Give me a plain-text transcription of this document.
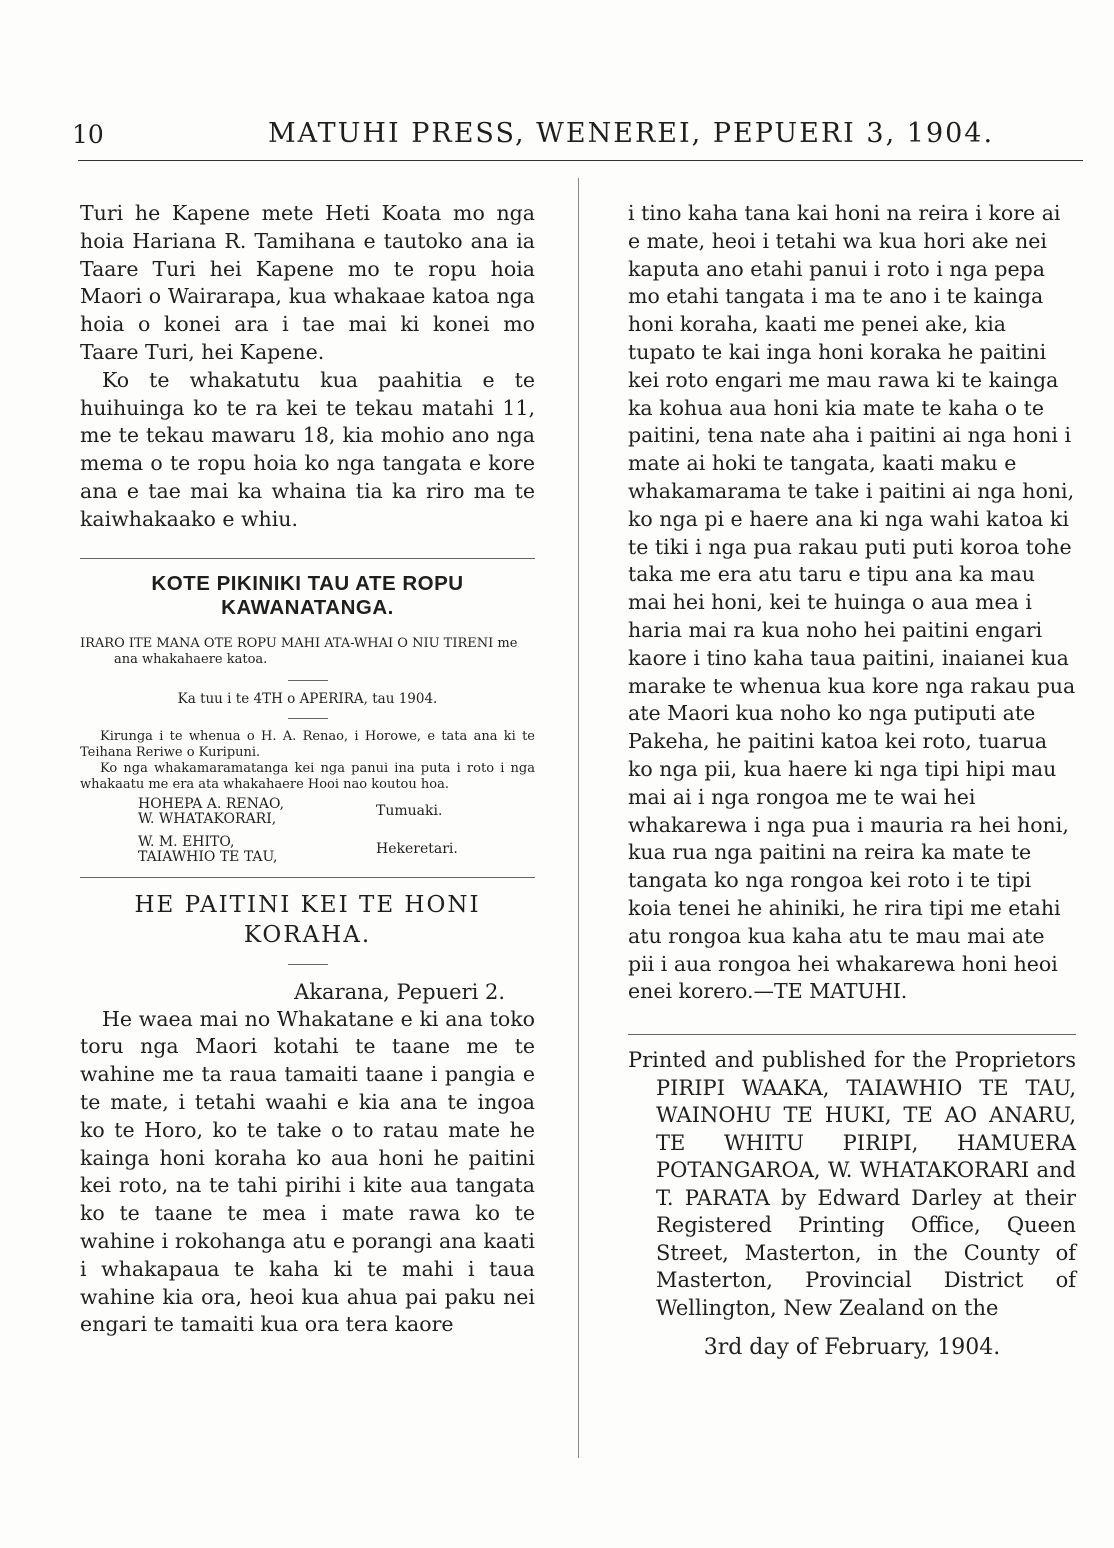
10	MATUHI PRESS, WENEREI, PEPUERI 3, 1904.

Turi he Kapene mete Heti Koata mo nga hoia Hariana R. Tamihana e tautoko ana ia Taare Turi hei Kapene mo te ropu hoia Maori o Wairarapa, kua whakaae katoa nga hoia o konei ara i tae mai ki konei mo Taare Turi, hei Kapene.

Ko te whakatutu kua paahitia e te huihuinga ko te ra kei te tekau matahi 11, me te tekau mawaru 18, kia mohio ano nga mema o te ropu hoia ko nga tangata e kore ana e tae mai ka whaina tia ka riro ma te kaiwhakaako e whiu.

KOTE PIKINIKI TAU ATE ROPU

KAWANATANGA.

IRARO ITE MANA OTE ROPU MAHI ATA-WHAI O NIU TIRENI me ana whakahaere katoa.

Ka tuu i te 4TH o APERIRA, tau 1904.

Kirunga i te whenua o H. A. Renao, i Horowe, e tata ana ki te Teihana Reriwe o Kuripuni.

Ko nga whakamaramatanga kei nga panui ina puta i roto i nga whakaatu me era ata whakahaere Hooi nao koutou hoa.

HOHEPA A. RENAO,
W. WHATAKORARI,	Tumuaki.
W. M. EHITO,
TAIAWHIO TE TAU,	Hekeretari.

HE PAITINI KEI TE HONI KORAHA.

Akarana, Pepueri 2.

He waea mai no Whakatane e ki ana toko toru nga Maori kotahi te taane me te wahine me ta raua tamaiti taane i pangia e te mate, i tetahi waahi e kia ana te ingoa ko te Horo, ko te take o to ratau mate he kainga honi koraha ko aua honi he paitini kei roto, na te tahi pirihi i kite aua tangata ko te taane te mea i mate rawa ko te wahine i rokohanga atu e porangi ana kaati i whakapaua te kaha ki te mahi i taua wahine kia ora, heoi kua ahua pai paku nei engari te tamaiti kua ora tera kaore

i tino kaha tana kai honi na reira i kore ai e mate, heoi i tetahi wa kua hori ake nei kaputa ano etahi panui i roto i nga pepa mo etahi tangata i ma te ano i te kainga honi koraha, kaati me penei ake, kia tupato te kai inga honi koraka he paitini kei roto engari me mau rawa ki te kainga ka kohua aua honi kia mate te kaha o te paitini, tena nate aha i paitini ai nga honi i mate ai hoki te tangata, kaati maku e whakamarama te take i paitini ai nga honi, ko nga pi e haere ana ki nga wahi katoa ki te tiki i nga pua rakau puti puti koroa tohe taka me era atu taru e tipu ana ka mau mai hei honi, kei te huinga o aua mea i haria mai ra kua noho hei paitini engari kaore i tino kaha taua paitini, inaianei kua marake te whenua kua kore nga rakau pua ate Maori kua noho ko nga putiputi ate Pakeha, he paitini katoa kei roto, tuarua ko nga pii, kua haere ki nga tipi hipi mau mai ai i nga rongoa me te wai hei whakarewa i nga pua i mauria ra hei honi, kua rua nga paitini na reira ka mate te tangata ko nga rongoa kei roto i te tipi koia tenei he ahiniki, he rira tipi me etahi atu rongoa kua kaha atu te mau mai ate pii i aua rongoa hei whakarewa honi heoi enei korero.

—TE MATUHI.

Printed and published for the Proprietors PIRIPI WAAKA, TAIAWHIO TE TAU, WAINOHU TE HUKI, TE AO ANARU, TE WHITU PIRIPI, HAMUERA POTANGAROA, W. WHATAKORARI and T. PARATA by Edward Darley at their Registered Printing Office, Queen Street, Masterton, in the County of Masterton, Provincial District of Wellington, New Zealand on the

3rd day of February, 1904.
